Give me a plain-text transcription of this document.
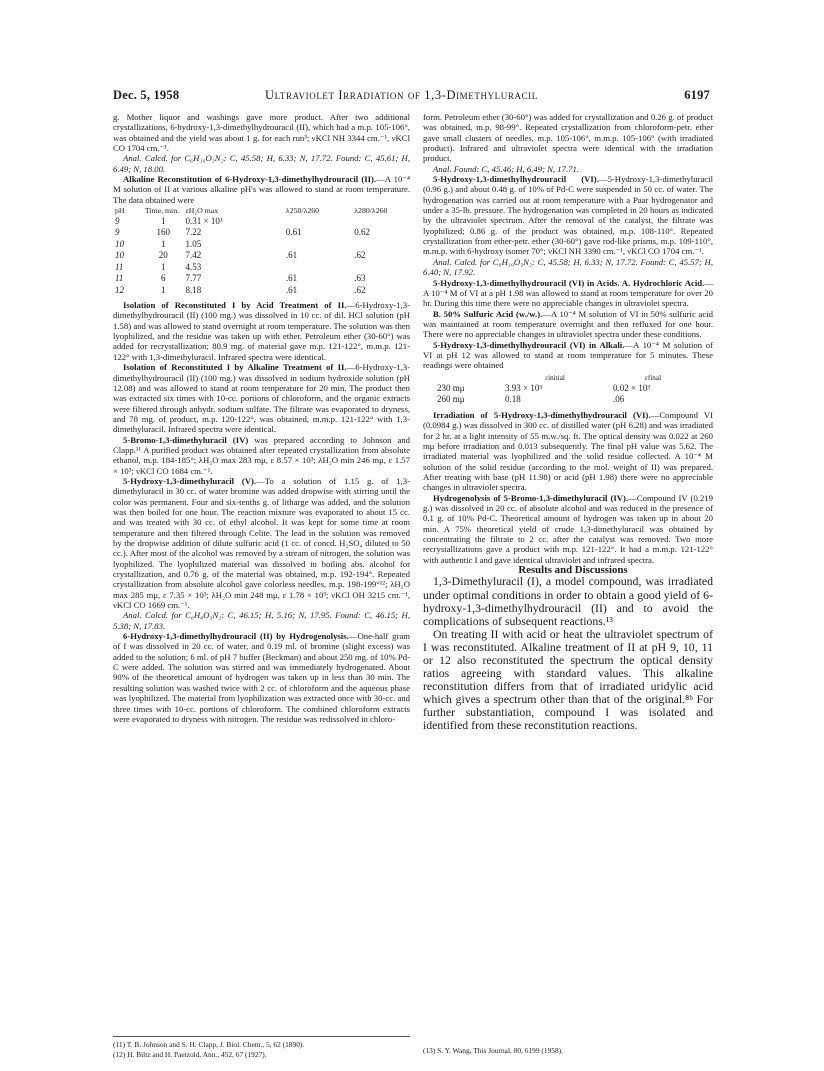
Dec. 5, 1958	Ultraviolet Irradiation of 1,3-Dimethyluracil	6197

g. Mother liquor and washings gave more product. After two additional crystallizations, 6-hydroxy-1,3-dimethylhydrouracil (II), which had a m.p. 105-106°, was obtained and the yield was about 1 g. for each run³; νKCl NH 3344 cm.⁻¹, νKCl CO 1704 cm.⁻¹.

Anal. Calcd. for C₆H₁₀O₃N₂: C, 45.58; H, 6.33; N, 17.72. Found: C, 45.61; H, 6.49; N, 18.00.

Alkaline Reconstitution of 6-Hydroxy-1,3-dimethylhydrouracil (II).—A 10⁻⁴ M solution of II at various alkaline pH's was allowed to stand at room temperature. The data obtained were

pH	Time, min.	εH₂O max	λ250/λ260	λ280/λ260
9	1	0.31 × 10³		
9	160	7.22	0.61	0.62
10	1	1.05		
10	20	7.42	.61	.62
11	1	4.53		
11	6	7.77	.61	.63
12	1	8.18	.61	.62

Isolation of Reconstituted I by Acid Treatment of II.—6-Hydroxy-1,3-dimethylhydrouracil (II) (100 mg.) was dissolved in 10 cc. of dil. HCl solution (pH 1.58) and was allowed to stand overnight at room temperature. The solution was then lyophilized, and the residue was taken up with ether. Petroleum ether (30-60°) was added for recrystallization; 80.9 mg. of material gave m.p. 121-122°, m.m.p. 121-122° with 1,3-dimethyluracil. Infrared spectra were identical.

Isolation of Reconstituted I by Alkaline Treatment of II.—6-Hydroxy-1,3-dimethylhydrouracil (II) (100 mg.) was dissolved in sodium hydroxide solution (pH 12.08) and was allowed to stand at room temperature for 20 min. The product then was extracted six times with 10-cc. portions of chloroform, and the organic extracts were filtered through anhydr. sodium sulfate. The filtrate was evaporated to dryness, and 78 mg. of product, m.p. 120-122°, was obtained, m.m.p. 121-122° with 1,3-dimethyluracil. Infrared spectra were identical.

5-Bromo-1,3-dimethyluracil (IV) was prepared according to Johnson and Clapp.¹¹ A purified product was obtained after repeated crystallization from absolute ethanol, m.p. 184-185°; λH₂O max 283 mμ, ε 8.57 × 10³; λH₂O min 246 mμ, ε 1.57 × 10³; νKCl CO 1684 cm.⁻¹.

5-Hydroxy-1,3-dimethyluracil (V).—To a solution of 1.15 g. of 1,3-dimethyluracil in 30 cc. of water bromine was added dropwise with stirring until the color was permanent. Four and six-tenths g. of litharge was added, and the solution was then boiled for one hour. The reaction mixture was evaporated to about 15 cc. and was treated with 30 cc. of ethyl alcohol. It was kept for some time at room temperature and then filtered through Celite. The lead in the solution was removed by the dropwise addition of dilute sulfuric acid (1 cc. of concd. H₂SO₄ diluted to 50 cc.). After most of the alcohol was removed by a stream of nitrogen, the solution was lyophilized. The lyophilized material was dissolved in boiling abs. alcohol for crystallization, and 0.76 g. of the material was obtained, m.p. 192-194°. Repeated crystallization from absolute alcohol gave colorless needles, m.p. 198-199°¹²; λH₂O max 285 mμ, ε 7.35 × 10³; λH₂O min 248 mμ, ε 1.78 × 10³; νKCl OH 3215 cm.⁻¹, νKCl CO 1669 cm.⁻¹.

Anal. Calcd. for C₆H₈O₃N₂: C, 46.15; H, 5.16; N, 17.95. Found: C, 46.15; H, 5.38; N, 17.83.

6-Hydroxy-1,3-dimethylhydrouracil (II) by Hydrogenolysis.—One-half gram of I was dissolved in 20 cc. of water, and 0.19 ml. of bromine (slight excess) was added to the solution; 6 ml. of pH 7 buffer (Beckman) and about 250 mg. of 10% Pd-C were added. The solution was stirred and was immediately hydrogenated. About 90% of the theoretical amount of hydrogen was taken up in less than 30 min. The resulting solution was washed twice with 2 cc. of chloroform and the aqueous phase was lyophilized. The material from lyophilization was extracted once with 30-cc. and three times with 10-cc. portions of chloroform. The combined chloroform extracts were evaporated to dryness with nitrogen. The residue was redissolved in chloro-

(11) T. B. Johnson and S. H. Clapp, J. Biol. Chem., 5, 62 (1890).
(12) H. Biltz and H. Paetzold, Ann., 452, 67 (1927).

form. Petroleum ether (30-60°) was added for crystallization and 0.26 g. of product was obtained, m.p. 98-99°. Repeated crystallization from chloroform-petr. ether gave small clusters of needles, m.p. 105-106°, m.m.p. 105-106° (with irradiated product). Infrared and ultraviolet spectra were identical with the irradiation product.

Anal. Found: C, 45.46; H, 6.49; N, 17.71.

5-Hydroxy-1,3-dimethylhydrouracil (VI).—5-Hydroxy-1,3-dimethyluracil (0.96 g.) and about 0.48 g. of 10% of Pd-C were suspended in 50 cc. of water. The hydrogenation was carried out at room temperature with a Paar hydrogenator and under a 35-lb. pressure. The hydrogenation was completed in 20 hours as indicated by the ultraviolet spectrum. After the removal of the catalyst, the filtrate was lyophilized; 0.86 g. of the product was obtained, m.p. 108-110°. Repeated crystallization from ether-petr. ether (30-60°) gave rod-like prisms, m.p. 109-110°, m.m.p. with 6-hydroxy isomer 70°; νKCl NH 3390 cm.⁻¹, νKCl CO 1704 cm.⁻¹.

Anal. Calcd. for C₆H₁₀O₃N₂: C, 45.58; H, 6.33; N, 17.72. Found: C, 45.57; H, 6.40; N, 17.92.

5-Hydroxy-1,3-dimethylhydrouracil (VI) in Acids. A. Hydrochloric Acid.—A 10⁻⁴ M of VI at a pH 1.98 was allowed to stand at room temperature for over 20 hr. During this time there were no appreciable changes in ultraviolet spectra.

B. 50% Sulfuric Acid (w./w.).—A 10⁻⁴ M solution of VI in 50% sulfuric acid was maintained at room temperature overnight and then refluxed for one hour. There were no appreciable changes in ultraviolet spectra under these conditions.

5-Hydroxy-1,3-dimethylhydrouracil (VI) in Alkali.—A 10⁻⁴ M solution of VI at pH 12 was allowed to stand at room temperature for 5 minutes. These readings were obtained

	εinitial	εfinal
230 mμ	3.93 × 10³	0.02 × 10³
260 mμ	0.18	.06

Irradiation of 5-Hydroxy-1,3-dimethylhydrouracil (VI).—Compound VI (0.0984 g.) was dissolved in 300 cc. of distilled water (pH 6.28) and was irradiated for 2 hr. at a light intensity of 55 m.w./sq. ft. The optical density was 0.022 at 260 mμ before irradiation and 0.013 subsequently. The final pH value was 5.62. The irradiated material was lyophilized and the solid residue collected. A 10⁻⁴ M solution of the solid residue (according to the mol. weight of II) was prepared. After treating with base (pH 11.98) or acid (pH 1.98) there were no appreciable changes in ultraviolet spectra.

Hydrogenolysis of 5-Bromo-1,3-dimethyluracil (IV).—Compound IV (0.219 g.) was dissolved in 20 cc. of absolute alcohol and was reduced in the presence of 0.1 g. of 10% Pd-C. Theoretical amount of hydrogen was taken up in about 20 min. A 75% theoretical yield of crude 1,3-dimethyluracil was obtained by concentrating the filtrate to 2 cc. after the catalyst was removed. Two more recrystallizations gave a product with m.p. 121-122°. It had a m.m.p. 121-122° with authentic I and gave identical ultraviolet and infrared spectra.

Results and Discussions

1,3-Dimethyluracil (I), a model compound, was irradiated under optimal conditions in order to obtain a good yield of 6-hydroxy-1,3-dimethylhydrouracil (II) and to avoid the complications of subsequent reactions.¹³

On treating II with acid or heat the ultraviolet spectrum of I was reconstituted. Alkaline treatment of II at pH 9, 10, 11 or 12 also reconstituted the spectrum the optical density ratios agreeing with standard values. This alkaline reconstitution differs from that of irradiated uridylic acid which gives a spectrum other than that of the original.⁸ᵇ For further substantiation, compound I was isolated and identified from these reconstitution reactions.

(13) S. Y. Wang, This Journal, 80, 6199 (1958).
